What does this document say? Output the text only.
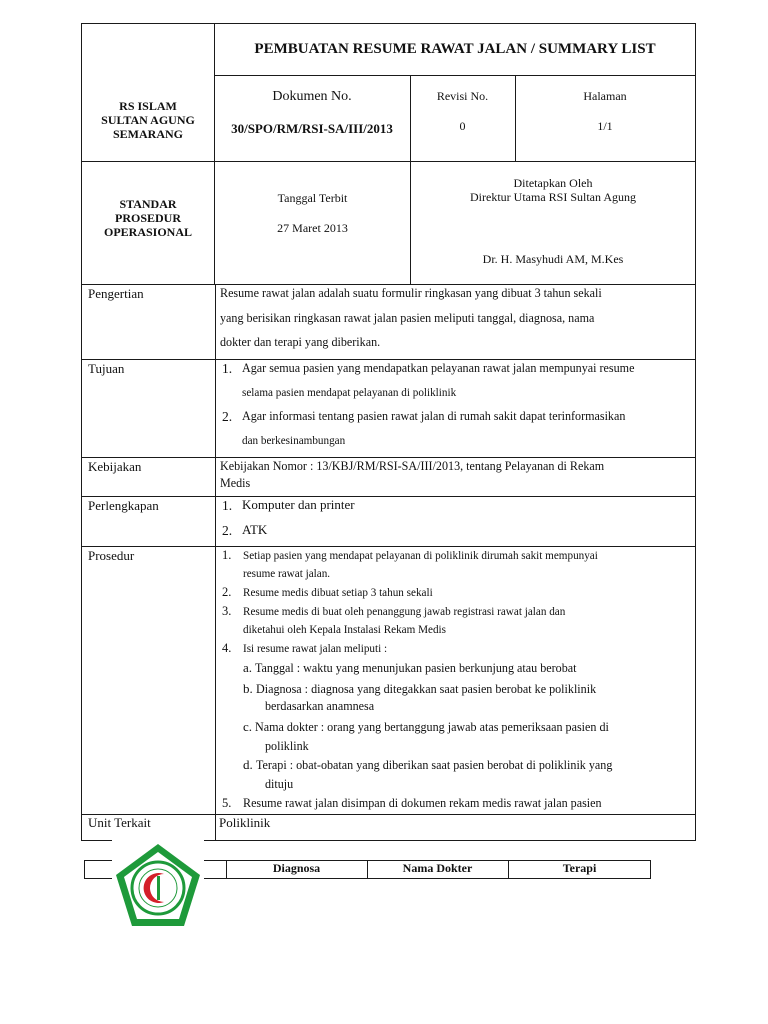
RS ISLAM
SULTAN AGUNG
SEMARANG
PEMBUATAN RESUME RAWAT JALAN / SUMMARY LIST
Dokumen No.
30/SPO/RM/RSI-SA/III/2013
Revisi No.
0
Halaman
1/1
STANDAR
PROSEDUR
OPERASIONAL
Tanggal Terbit
27 Maret 2013
Ditetapkan Oleh
Direktur Utama RSI Sultan Agung
Dr. H. Masyhudi AM, M.Kes
Pengertian
Tujuan
Kebijakan
Perlengkapan
Prosedur
Unit Terkait
Resume rawat jalan adalah suatu formulir ringkasan yang dibuat 3 tahun sekali
yang berisikan ringkasan rawat jalan pasien meliputi tanggal, diagnosa, nama
dokter dan terapi yang diberikan.
1. Agar semua pasien yang mendapatkan pelayanan rawat jalan mempunyai resume
selama pasien mendapat pelayanan di poliklinik
2. Agar informasi tentang pasien rawat jalan di rumah sakit dapat terinformasikan
dan berkesinambungan
Kebijakan Nomor : 13/KBJ/RM/RSI-SA/III/2013, tentang Pelayanan di Rekam
Medis
1. Komputer dan printer
2. ATK
1. Setiap pasien yang mendapat pelayanan di poliklinik dirumah sakit mempunyai
resume rawat jalan.
2. Resume medis dibuat setiap 3 tahun sekali
3. Resume medis di buat oleh penanggung jawab registrasi rawat jalan dan
diketahui oleh Kepala Instalasi Rekam Medis
4. Isi resume rawat jalan meliputi :
a. Tanggal : waktu yang menunjukan pasien berkunjung atau berobat
b. Diagnosa : diagnosa yang ditegakkan saat pasien berobat ke poliklinik
berdasarkan anamnesa
c. Nama dokter : orang yang bertanggung jawab atas pemeriksaan pasien di
poliklink
d. Terapi : obat-obatan yang diberikan saat pasien berobat di poliklinik yang
dituju
5. Resume rawat jalan disimpan di dokumen rekam medis rawat jalan pasien
Poliklinik
Diagnosa	Nama Dokter	Terapi
